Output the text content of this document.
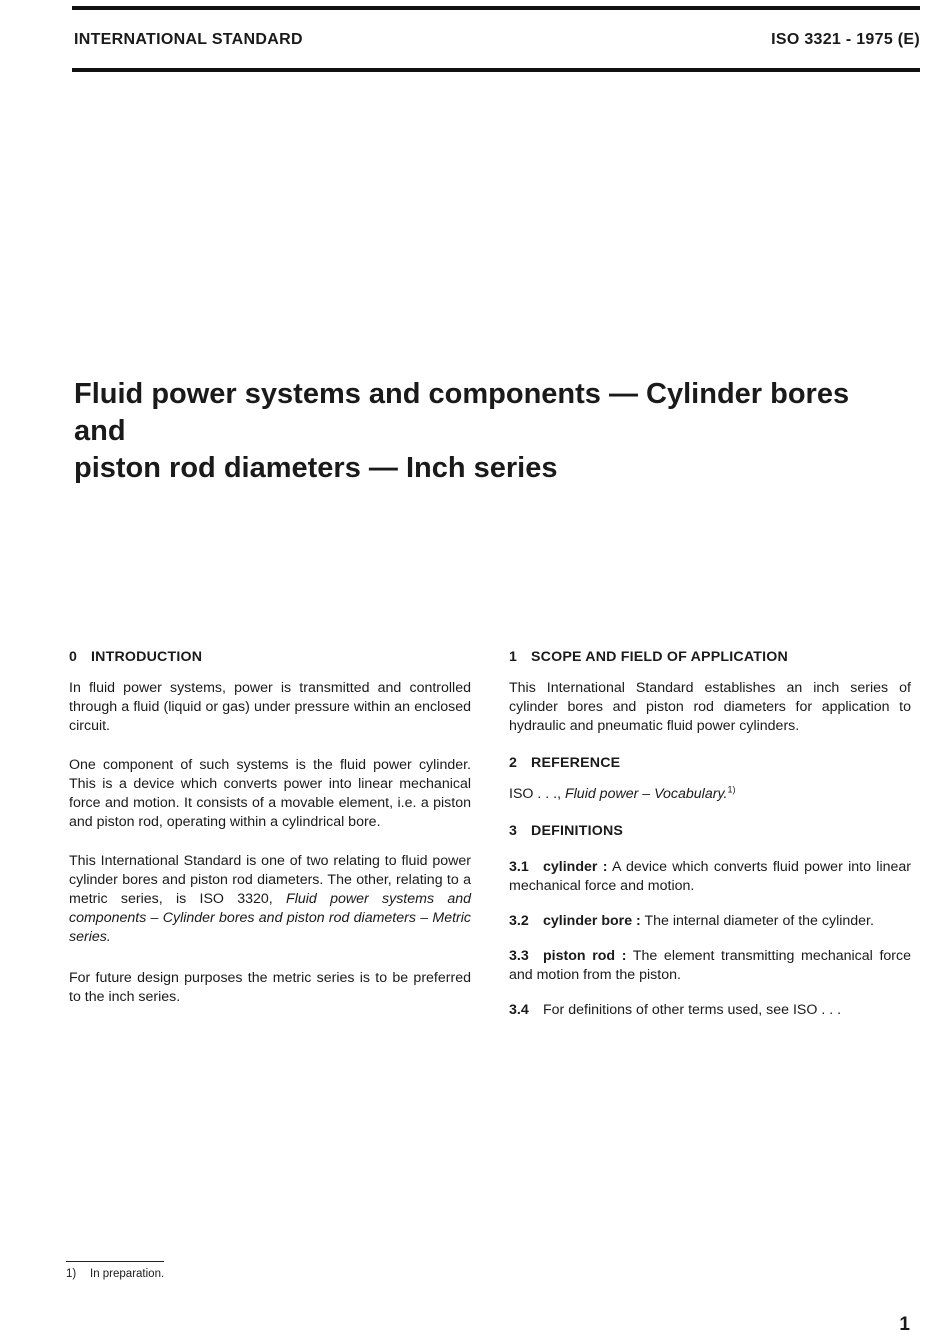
INTERNATIONAL STANDARD	ISO 3321 - 1975 (E)
Fluid power systems and components — Cylinder bores and
piston rod diameters — Inch series

0 INTRODUCTION

In fluid power systems, power is transmitted and controlled through a fluid (liquid or gas) under pressure within an enclosed circuit.

One component of such systems is the fluid power cylinder. This is a device which converts power into linear mechanical force and motion. It consists of a movable element, i.e. a piston and piston rod, operating within a cylindrical bore.

This International Standard is one of two relating to fluid power cylinder bores and piston rod diameters. The other, relating to a metric series, is ISO 3320, Fluid power systems and components – Cylinder bores and piston rod diameters – Metric series.

For future design purposes the metric series is to be preferred to the inch series.

1 SCOPE AND FIELD OF APPLICATION

This International Standard establishes an inch series of cylinder bores and piston rod diameters for application to hydraulic and pneumatic fluid power cylinders.

2 REFERENCE

ISO . . ., Fluid power – Vocabulary.$^{1)}$

3 DEFINITIONS

3.1 cylinder : A device which converts fluid power into linear mechanical force and motion.

3.2 cylinder bore : The internal diameter of the cylinder.

3.3 piston rod : The element transmitting mechanical force and motion from the piston.

3.4 For definitions of other terms used, see ISO . . .

1) In preparation.
1
